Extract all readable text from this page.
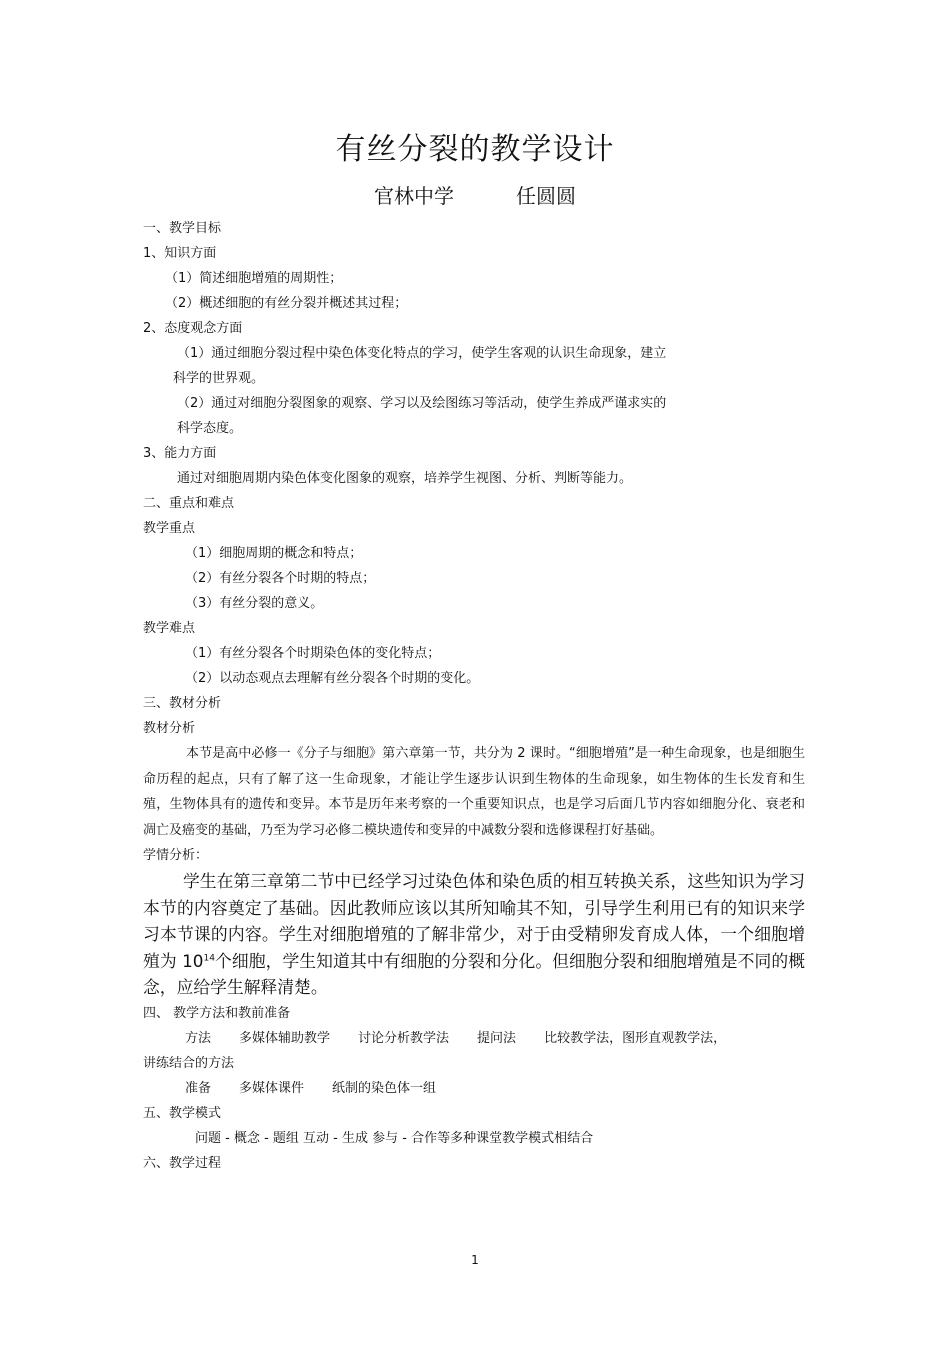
有丝分裂的教学设计
官林中学	任圆圆
一、教学目标
1、知识方面
（1）简述细胞增殖的周期性；
（2）概述细胞的有丝分裂并概述其过程；
2、态度观念方面
（1）通过细胞分裂过程中染色体变化特点的学习，使学生客观的认识生命现象，建立
科学的世界观。
（2）通过对细胞分裂图象的观察、学习以及绘图练习等活动，使学生养成严谨求实的
科学态度。
3、能力方面
通过对细胞周期内染色体变化图象的观察，培养学生视图、分析、判断等能力。
二、重点和难点
教学重点
（1）细胞周期的概念和特点；
（2）有丝分裂各个时期的特点；
（3）有丝分裂的意义。
教学难点
（1）有丝分裂各个时期染色体的变化特点；
（2）以动态观点去理解有丝分裂各个时期的变化。
三、教材分析
教材分析

本节是高中必修一《分子与细胞》第六章第一节，共分为 2 课时。“细胞增殖”是一种生命现象，也是细胞生命历程的起点，只有了解了这一生命现象，才能让学生逐步认识到生物体的生命现象，如生物体的生长发育和生殖，生物体具有的遗传和变异。本节是历年来考察的一个重要知识点，也是学习后面几节内容如细胞分化、衰老和凋亡及癌变的基础，乃至为学习必修二模块遗传和变异的中减数分裂和选修课程打好基础。

学情分析：

学生在第三章第二节中已经学习过染色体和染色质的相互转换关系，这些知识为学习本节的内容奠定了基础。因此教师应该以其所知喻其不知，引导学生利用已有的知识来学习本节课的内容。学生对细胞增殖的了解非常少，对于由受精卵发育成人体，一个细胞增殖为 $10^{14}$个细胞，学生知道其中有细胞的分裂和分化。但细胞分裂和细胞增殖是不同的概念，应给学生解释清楚。

四、 教学方法和教前准备
方法 多媒体辅助教学 讨论分析教学法 提问法 比较教学法，图形直观教学法，
讲练结合的方法
准备 多媒体课件 纸制的染色体一组
五、教学模式
问题 - 概念 - 题组 互动 - 生成 参与 - 合作等多种课堂教学模式相结合
六、教学过程
1
